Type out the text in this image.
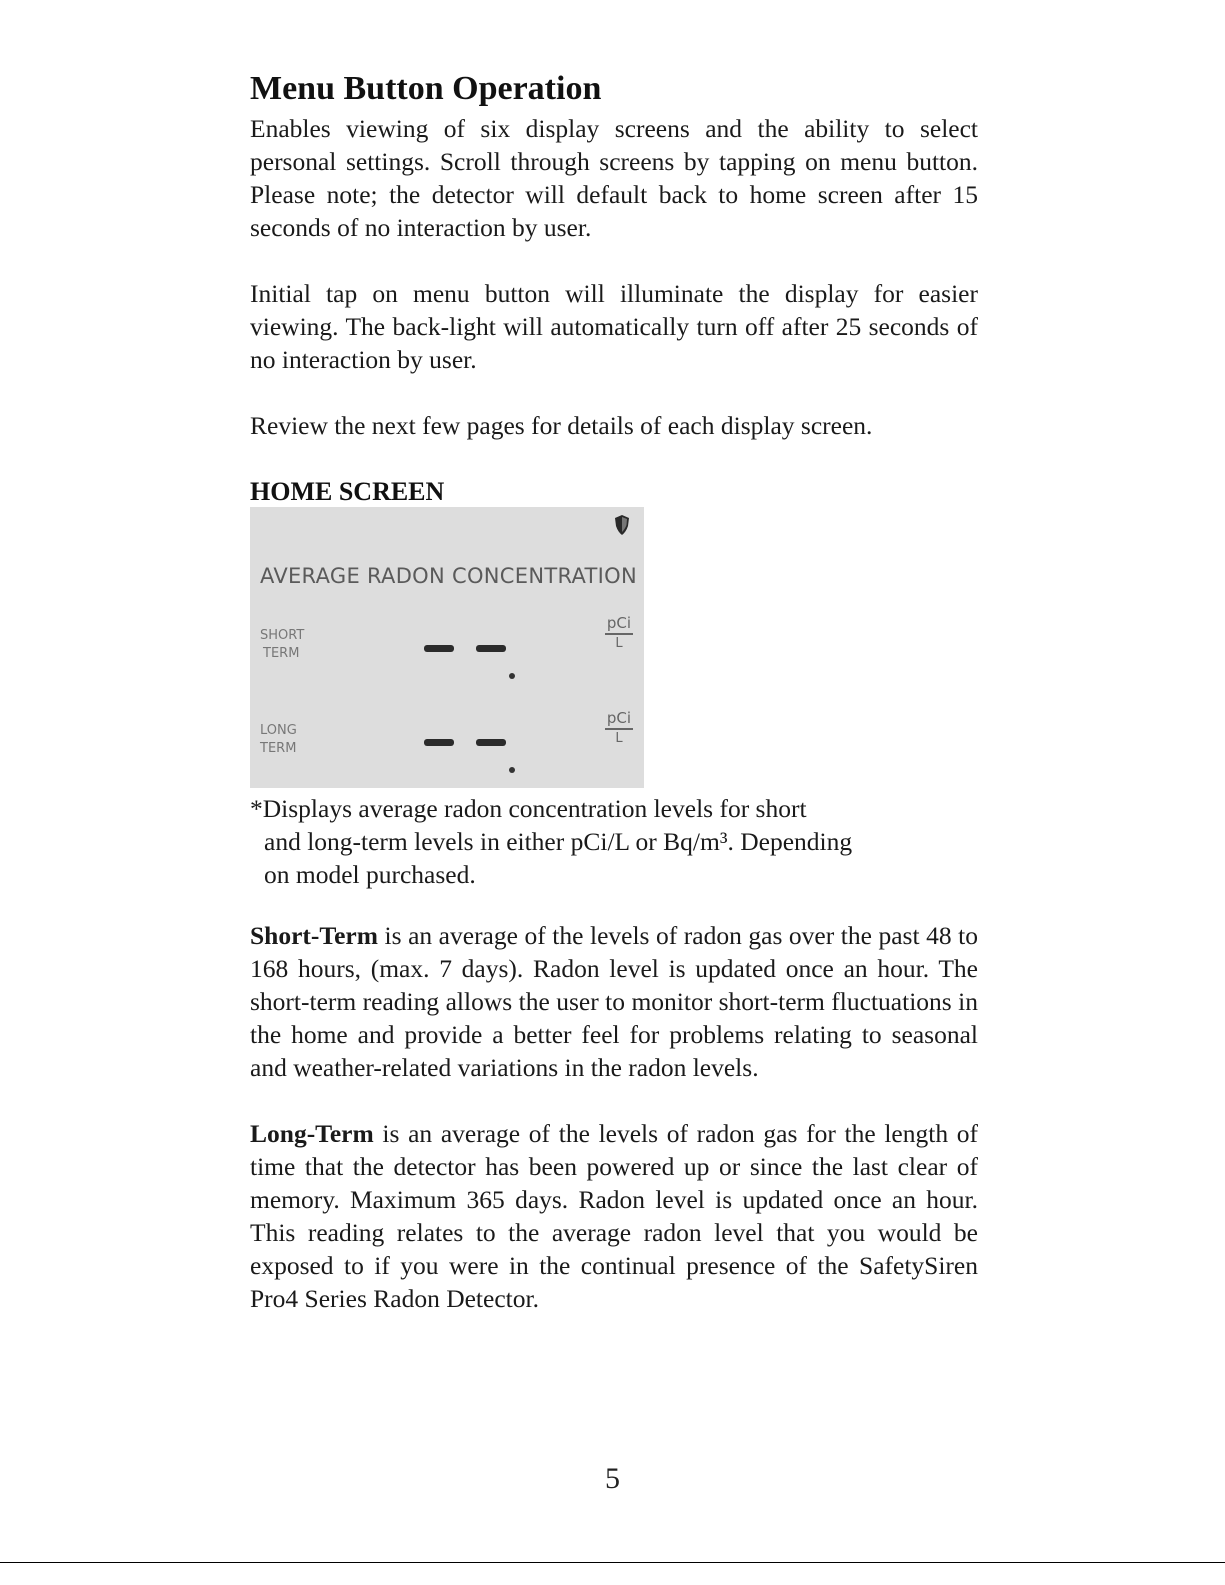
Menu Button Operation

Enables viewing of six display screens and the ability to select personal settings. Scroll through screens by tapping on menu button. Please note; the detector will default back to home screen after 15 seconds of no interaction by user.

Initial tap on menu button will illuminate the display for easier viewing. The back-light will automatically turn off after 25 seconds of no interaction by user.

Review the next few pages for details of each display screen.

HOME SCREEN
AVERAGE RADON CONCENTRATION
SHORT
TERM
pCi
L
LONG
TERM
pCi
L
*Displays average radon concentration levels for short
and long-term levels in either pCi/L or Bq/m³. Depending
on model purchased.

Short-Term is an average of the levels of radon gas over the past 48 to 168 hours, (max. 7 days). Radon level is updated once an hour. The short-term reading allows the user to monitor short-term fluctuations in the home and provide a better feel for problems relating to seasonal and weather-related variations in the radon levels.

Long-Term is an average of the levels of radon gas for the length of time that the detector has been powered up or since the last clear of memory. Maximum 365 days. Radon level is updated once an hour. This reading relates to the average radon level that you would be exposed to if you were in the continual presence of the SafetySiren Pro4 Series Radon Detector.

5
